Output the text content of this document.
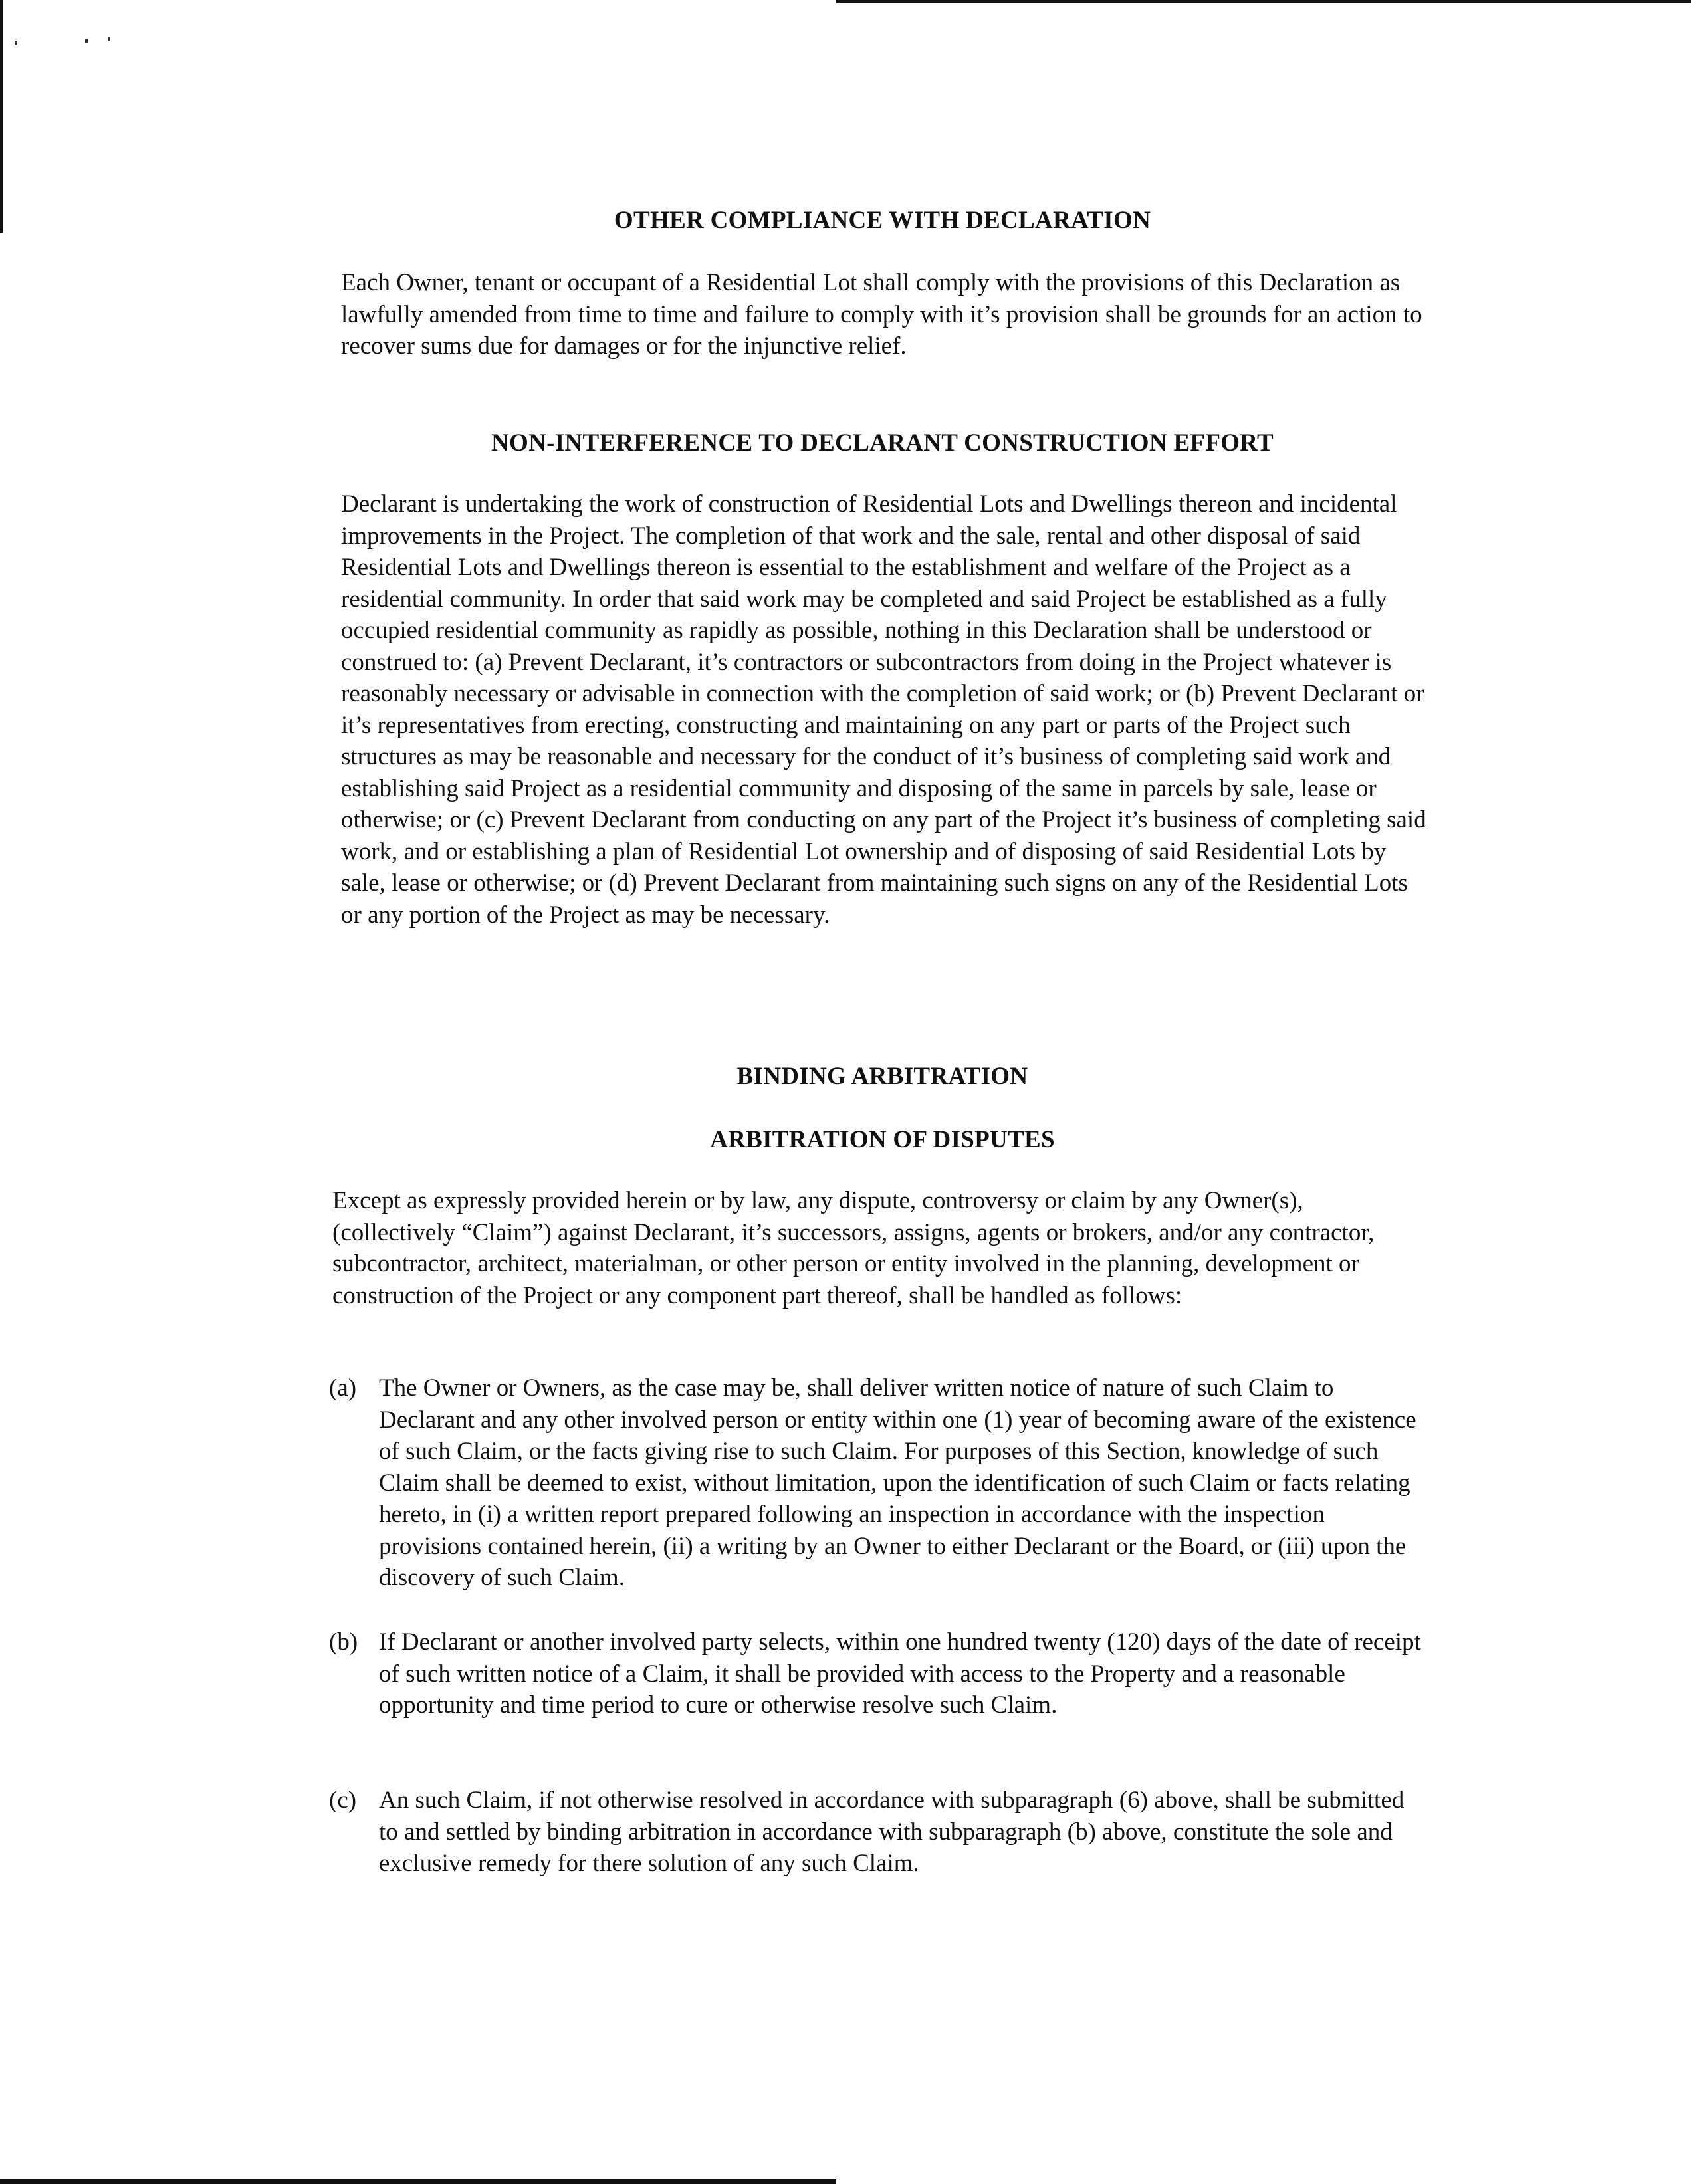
OTHER COMPLIANCE WITH DECLARATION
Each Owner, tenant or occupant of a Residential Lot shall comply with the provisions of this Declaration as lawfully amended from time to time and failure to comply with it’s provision shall be grounds for an action to recover sums due for damages or for the injunctive relief.
NON-INTERFERENCE TO DECLARANT CONSTRUCTION EFFORT
Declarant is undertaking the work of construction of Residential Lots and Dwellings thereon and incidental improvements in the Project. The completion of that work and the sale, rental and other disposal of said Residential Lots and Dwellings thereon is essential to the establishment and welfare of the Project as a residential community. In order that said work may be completed and said Project be established as a fully occupied residential community as rapidly as possible, nothing in this Declaration shall be understood or construed to: (a) Prevent Declarant, it’s contractors or subcontractors from doing in the Project whatever is reasonably necessary or advisable in connection with the completion of said work; or (b) Prevent Declarant or it’s representatives from erecting, constructing and maintaining on any part or parts of the Project such structures as may be reasonable and necessary for the conduct of it’s business of completing said work and establishing said Project as a residential community and disposing of the same in parcels by sale, lease or otherwise; or (c) Prevent Declarant from conducting on any part of the Project it’s business of completing said work, and or establishing a plan of Residential Lot ownership and of disposing of said Residential Lots by sale, lease or otherwise; or (d) Prevent Declarant from maintaining such signs on any of the Residential Lots or any portion of the Project as may be necessary.
BINDING ARBITRATION
ARBITRATION OF DISPUTES
Except as expressly provided herein or by law, any dispute, controversy or claim by any Owner(s), (collectively “Claim”) against Declarant, it’s successors, assigns, agents or brokers, and/or any contractor, subcontractor, architect, materialman, or other person or entity involved in the planning, development or construction of the Project or any component part thereof, shall be handled as follows:
(a) The Owner or Owners, as the case may be, shall deliver written notice of nature of such Claim to Declarant and any other involved person or entity within one (1) year of becoming aware of the existence of such Claim, or the facts giving rise to such Claim. For purposes of this Section, knowledge of such Claim shall be deemed to exist, without limitation, upon the identification of such Claim or facts relating hereto, in (i) a written report prepared following an inspection in accordance with the inspection provisions contained herein, (ii) a writing by an Owner to either Declarant or the Board, or (iii) upon the discovery of such Claim.
(b) If Declarant or another involved party selects, within one hundred twenty (120) days of the date of receipt of such written notice of a Claim, it shall be provided with access to the Property and a reasonable opportunity and time period to cure or otherwise resolve such Claim.
(c) An such Claim, if not otherwise resolved in accordance with subparagraph (6) above, shall be submitted to and settled by binding arbitration in accordance with subparagraph (b) above, constitute the sole and exclusive remedy for there solution of any such Claim.
